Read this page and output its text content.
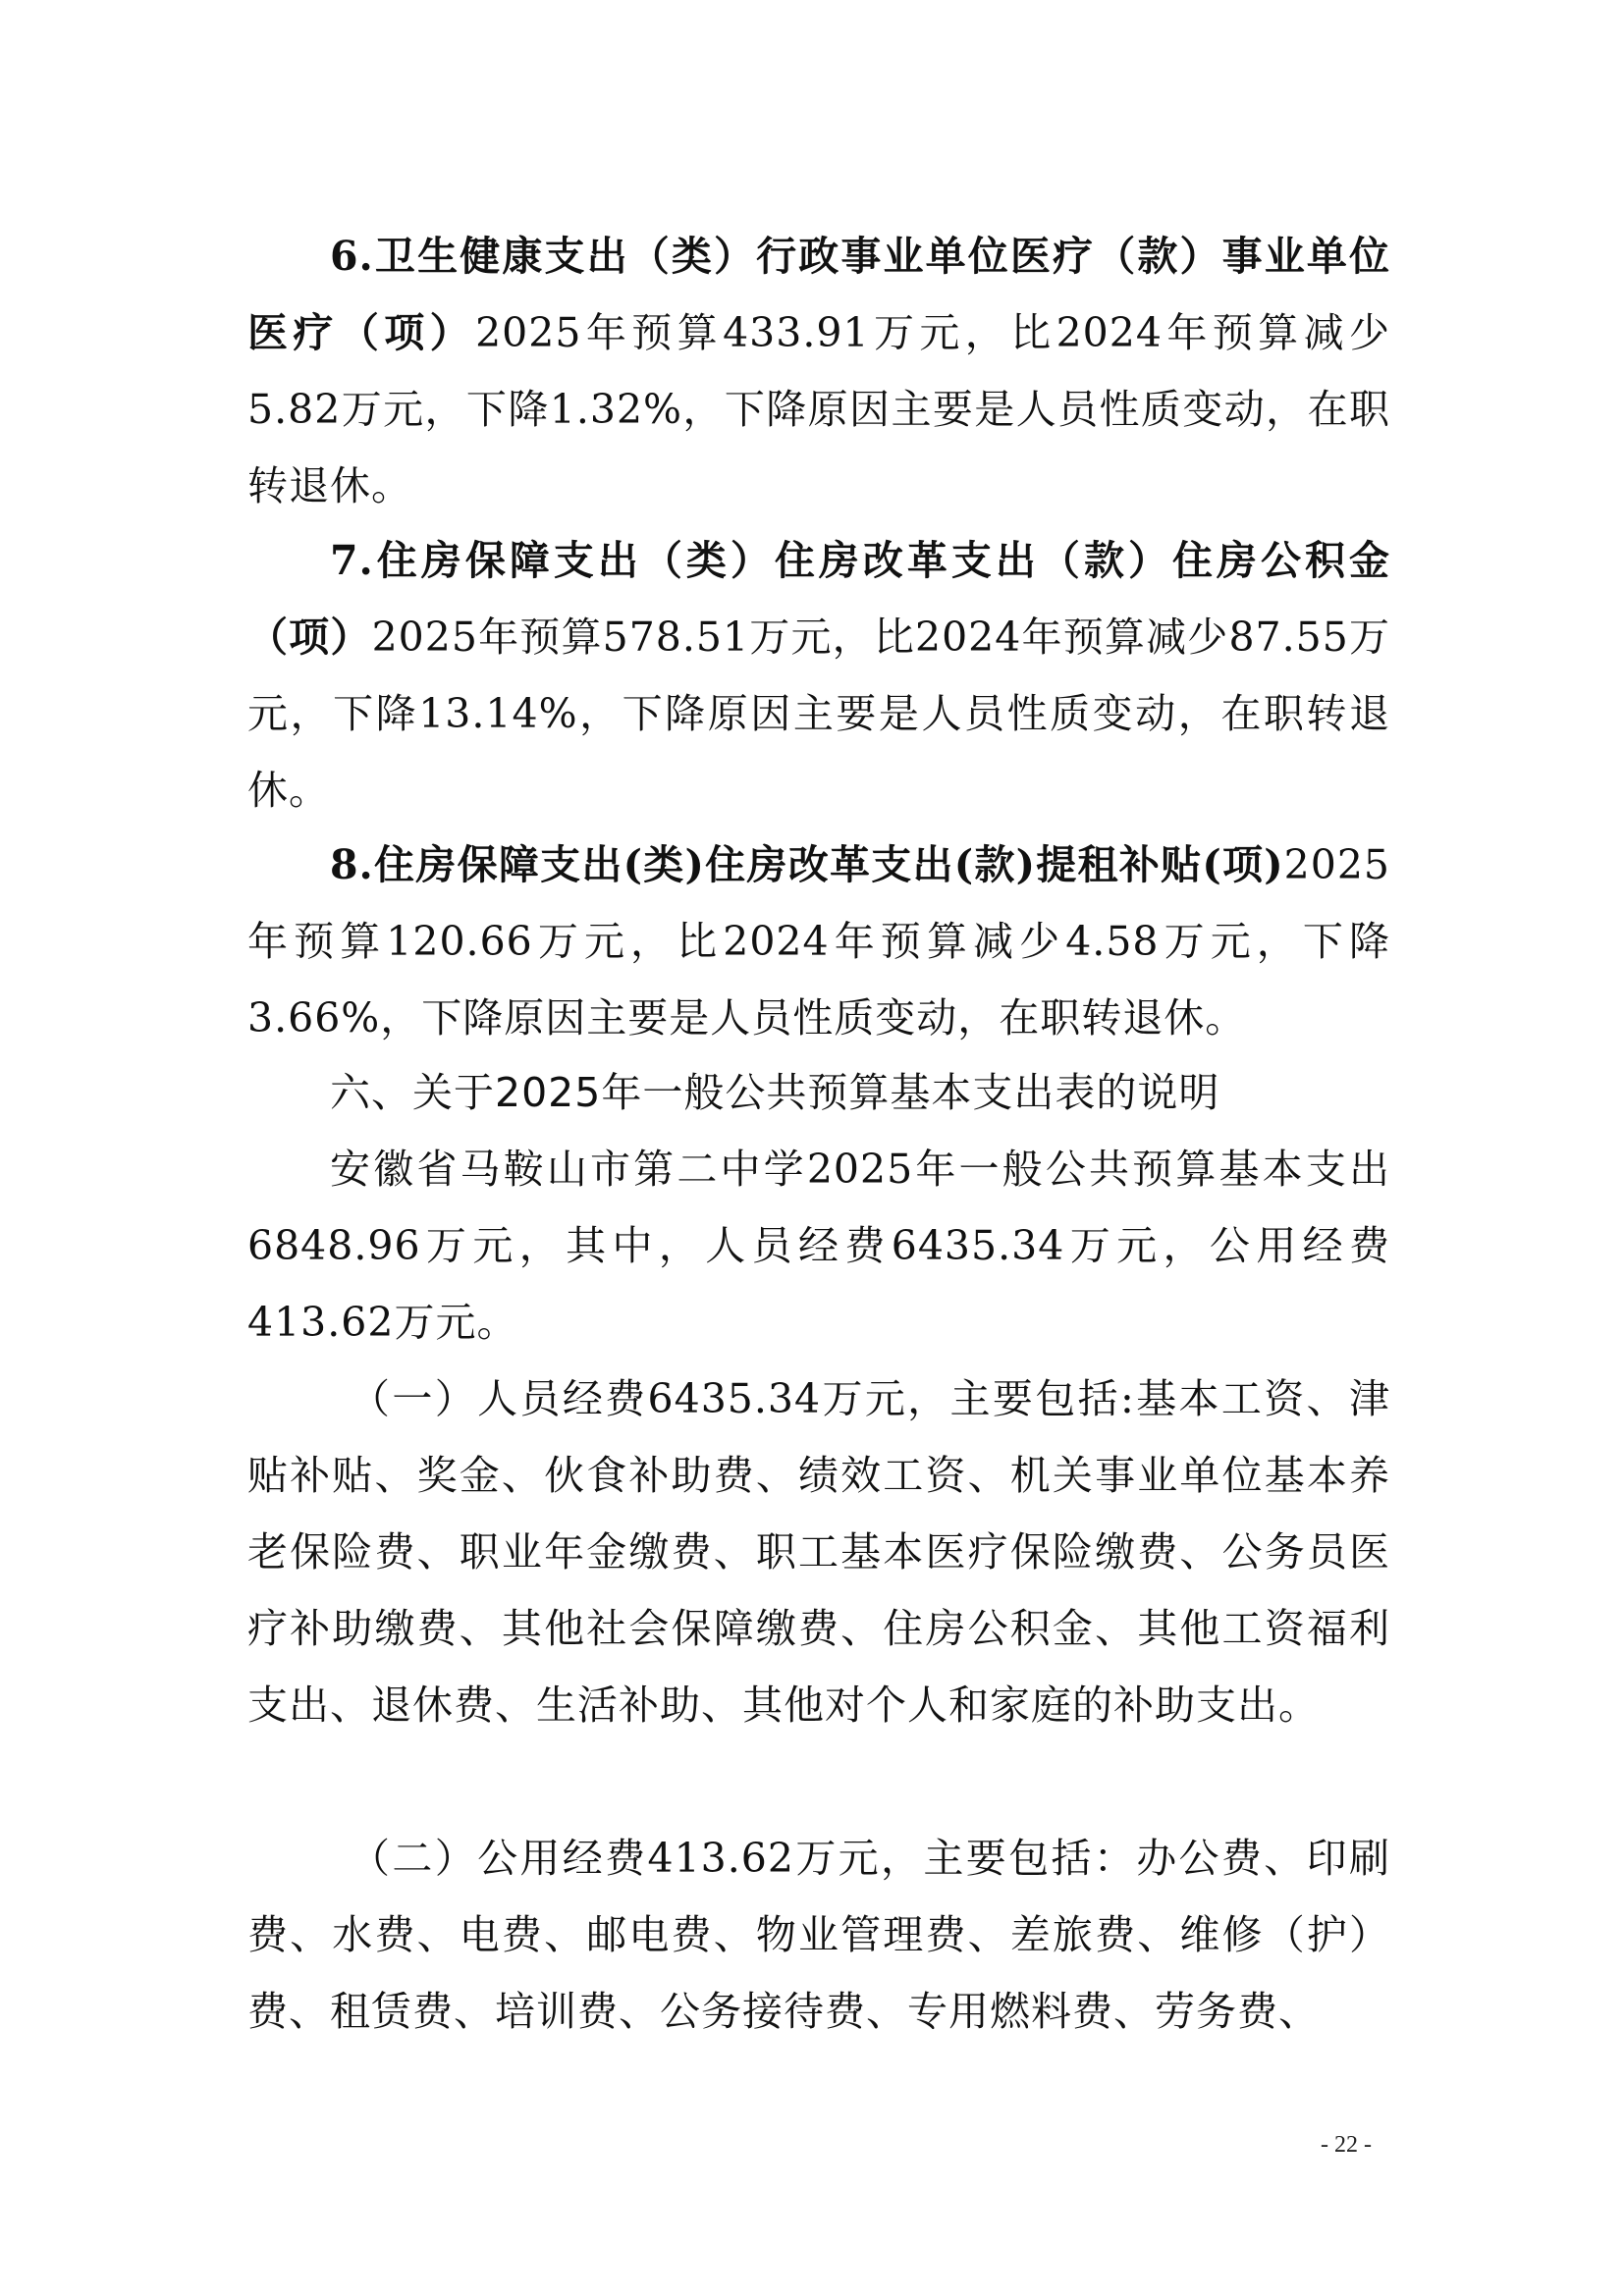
6.卫生健康支出（类）行政事业单位医疗（款）事业单位医疗（项）2025年预算433.91万元，比2024年预算减少5.82万元，下降1.32%，下降原因主要是人员性质变动，在职转退休。

7.住房保障支出（类）住房改革支出（款）住房公积金（项）2025年预算578.51万元，比2024年预算减少87.55万元，下降13.14%，下降原因主要是人员性质变动，在职转退休。

8.住房保障支出(类)住房改革支出(款)提租补贴(项)2025年预算120.66万元，比2024年预算减少4.58万元，下降3.66%，下降原因主要是人员性质变动，在职转退休。

六、关于2025年一般公共预算基本支出表的说明

安徽省马鞍山市第二中学2025年一般公共预算基本支出6848.96万元，其中，人员经费6435.34万元，公用经费413.62万元。

（一）人员经费6435.34万元，主要包括:基本工资、津贴补贴、奖金、伙食补助费、绩效工资、机关事业单位基本养老保险费、职业年金缴费、职工基本医疗保险缴费、公务员医疗补助缴费、其他社会保障缴费、住房公积金、其他工资福利支出、退休费、生活补助、其他对个人和家庭的补助支出。

（二）公用经费413.62万元，主要包括：办公费、印刷费、水费、电费、邮电费、物业管理费、差旅费、维修（护）费、租赁费、培训费、公务接待费、专用燃料费、劳务费、

- 22 -
